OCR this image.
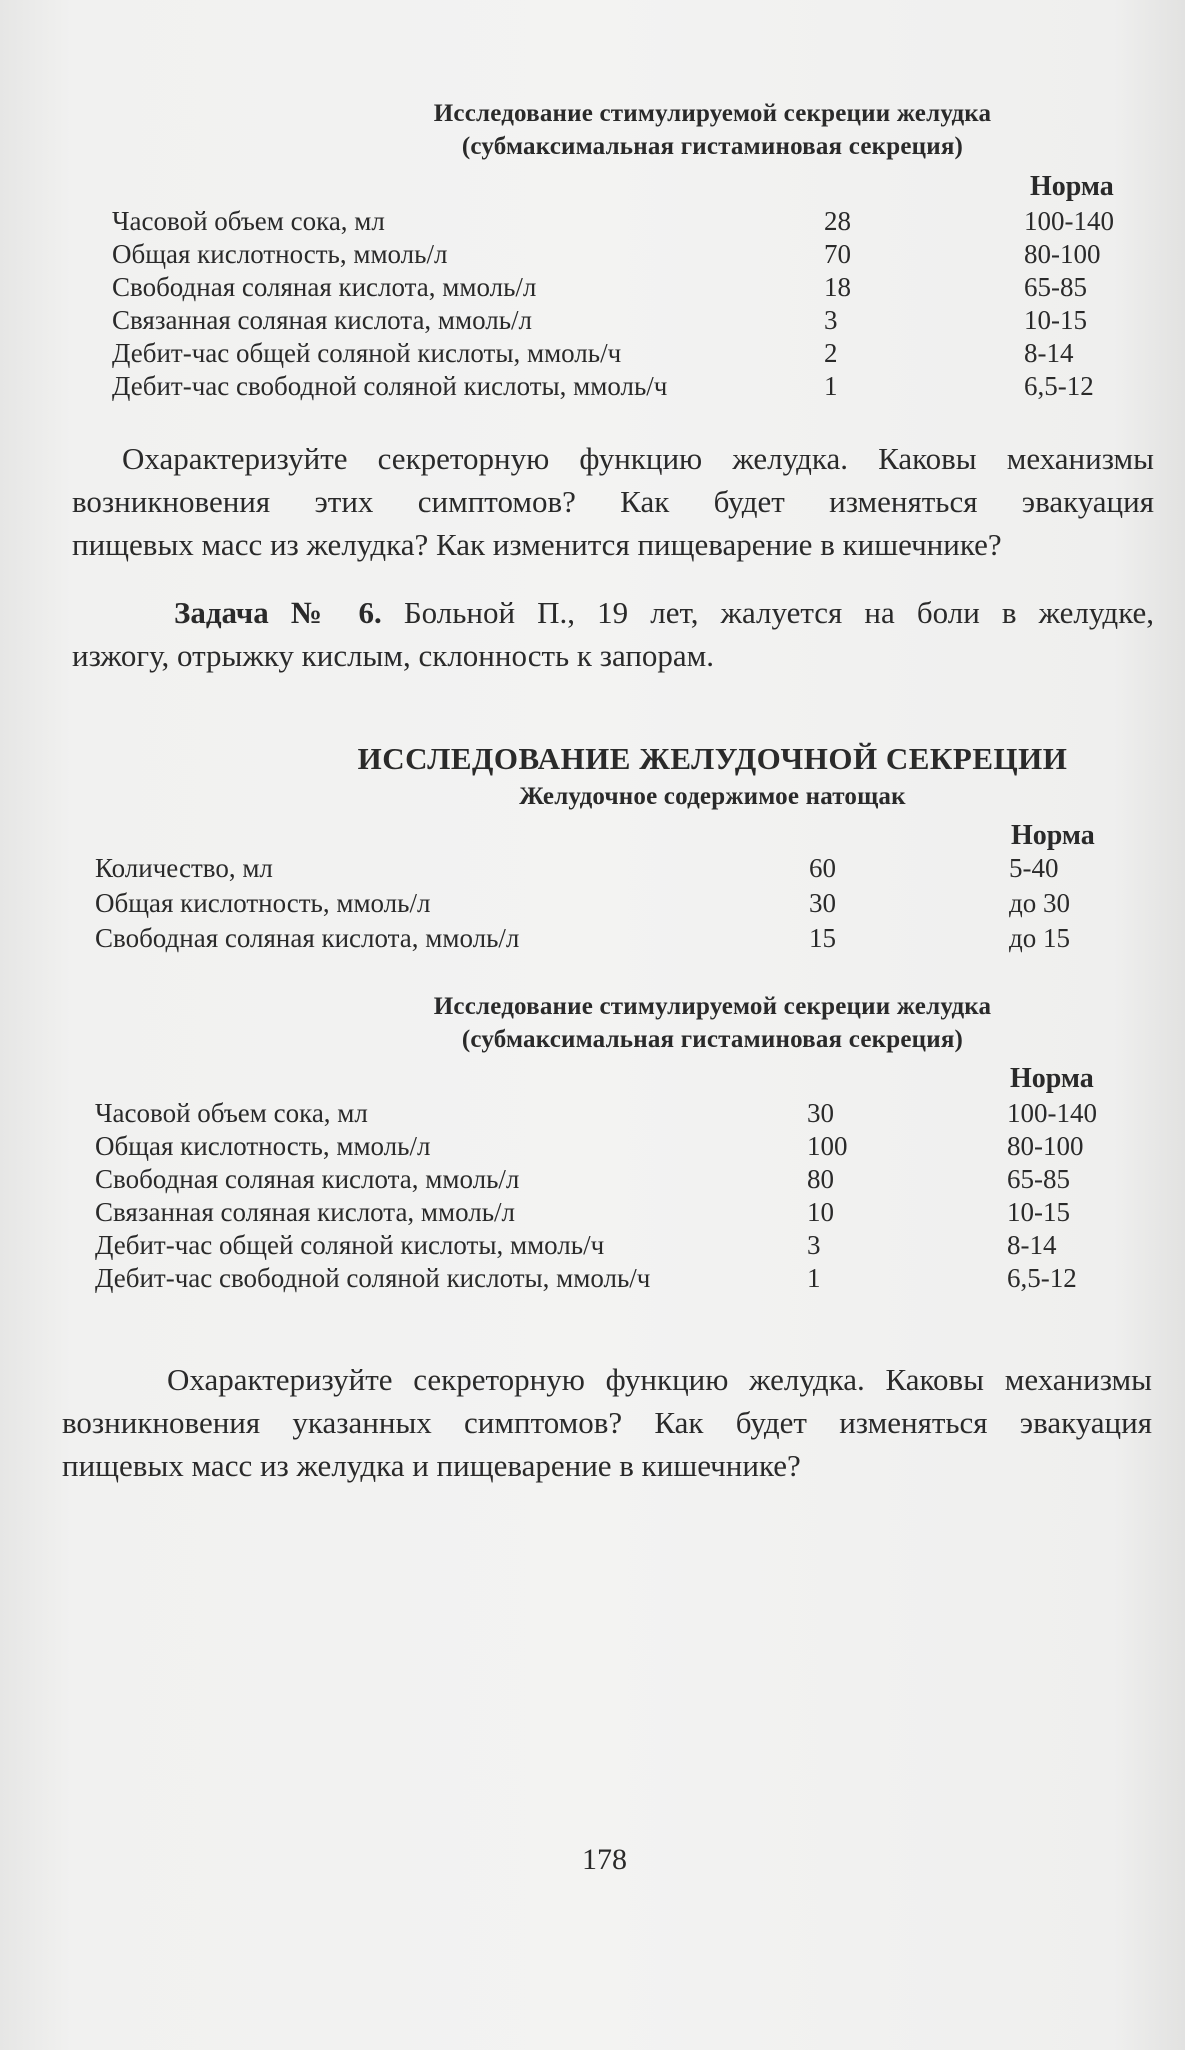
Исследование стимулируемой секреции желудка
(субмаксимальная гистаминовая секреция)
Норма
Часовой объем сока, мл	28	100-140
Общая кислотность, ммоль/л	70	80-100
Свободная соляная кислота, ммоль/л	18	65-85
Связанная соляная кислота, ммоль/л	3	10-15
Дебит-час общей соляной кислоты, ммоль/ч	2	8-14
Дебит-час свободной соляной кислоты, ммоль/ч	1	6,5-12
Охарактеризуйте секреторную функцию желудка. Каковы механизмы
возникновения этих симптомов? Как будет изменяться эвакуация
пищевых масс из желудка? Как изменится пищеварение в кишечнике?
Задача № 6. Больной П., 19 лет, жалуется на боли в желудке,
изжогу, отрыжку кислым, склонность к запорам.
ИССЛЕДОВАНИЕ ЖЕЛУДОЧНОЙ СЕКРЕЦИИ
Желудочное содержимое натощак
Норма
Количество, мл	60	5-40
Общая кислотность, ммоль/л	30	до 30
Свободная соляная кислота, ммоль/л	15	до 15
Исследование стимулируемой секреции желудка
(субмаксимальная гистаминовая секреция)
Норма
Часовой объем сока, мл	30	100-140
Общая кислотность, ммоль/л	100	80-100
Свободная соляная кислота, ммоль/л	80	65-85
Связанная соляная кислота, ммоль/л	10	10-15
Дебит-час общей соляной кислоты, ммоль/ч	3	8-14
Дебит-час свободной соляной кислоты, ммоль/ч	1	6,5-12
Охарактеризуйте секреторную функцию желудка. Каковы механизмы
возникновения указанных симптомов? Как будет изменяться эвакуация
пищевых масс из желудка и пищеварение в кишечнике?
178
